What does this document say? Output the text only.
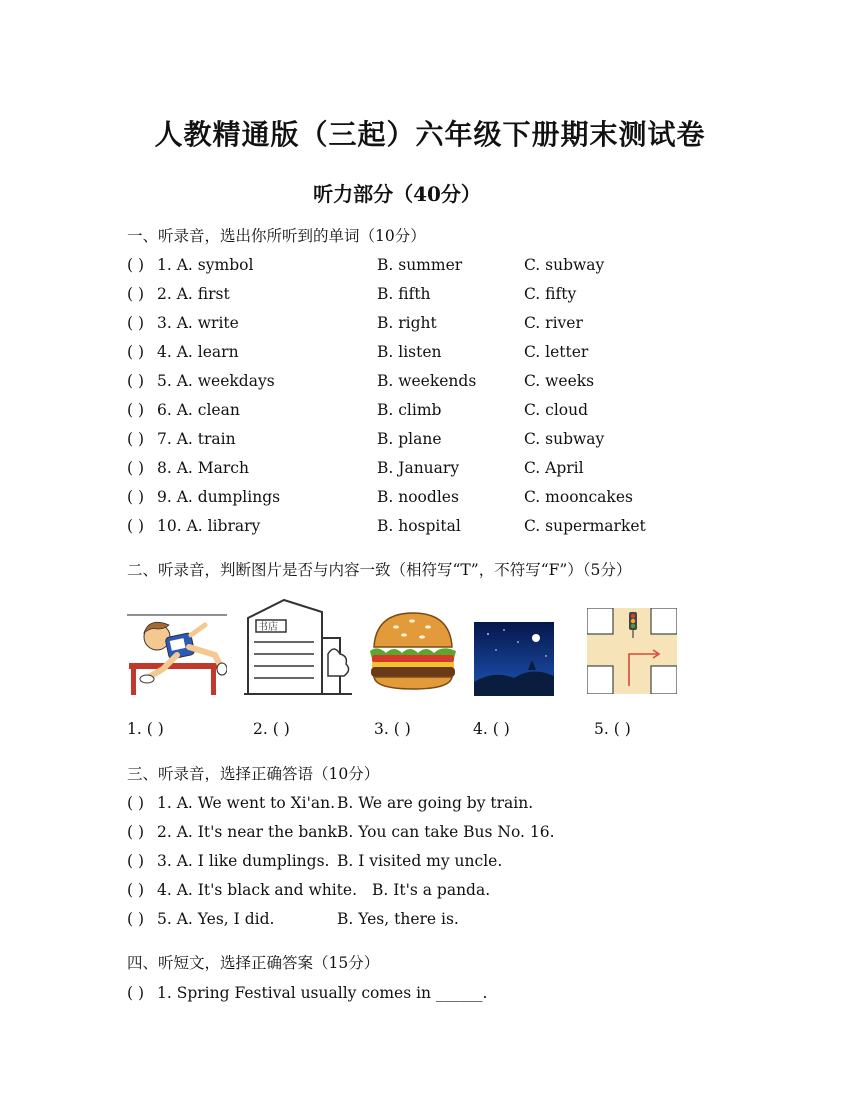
人教精通版（三起）六年级下册期末测试卷
听力部分（40分）
一、听录音，选出你所听到的单词（10分）
( ) 1. A. symbol	B. summer	C. subway
( ) 2. A. first	B. fifth	C. fifty
( ) 3. A. write	B. right	C. river
( ) 4. A. learn	B. listen	C. letter
( ) 5. A. weekdays	B. weekends	C. weeks
( ) 6. A. clean	B. climb	C. cloud
( ) 7. A. train	B. plane	C. subway
( ) 8. A. March	B. January	C. April
( ) 9. A. dumplings	B. noodles	C. mooncakes
( ) 10. A. library	B. hospital	C. supermarket
二、听录音，判断图片是否与内容一致（相符写“T”，不符写“F”）（5分）
书店
1. ( )	2. ( )	3. ( )	4. ( )	5. ( )
三、听录音，选择正确答语（10分）
( ) 1. A. We went to Xi'an. B. We are going by train.
( ) 2. A. It's near the bank.
B. You can take Bus No. 16.
( ) 3. A. I like dumplings. B. I visited my uncle.
( ) 4. A. It's black and white. B. It's a panda.
( ) 5. A. Yes, I did.	B. Yes, there is.
四、听短文，选择正确答案（15分）
( ) 1. Spring Festival usually comes in ______.
